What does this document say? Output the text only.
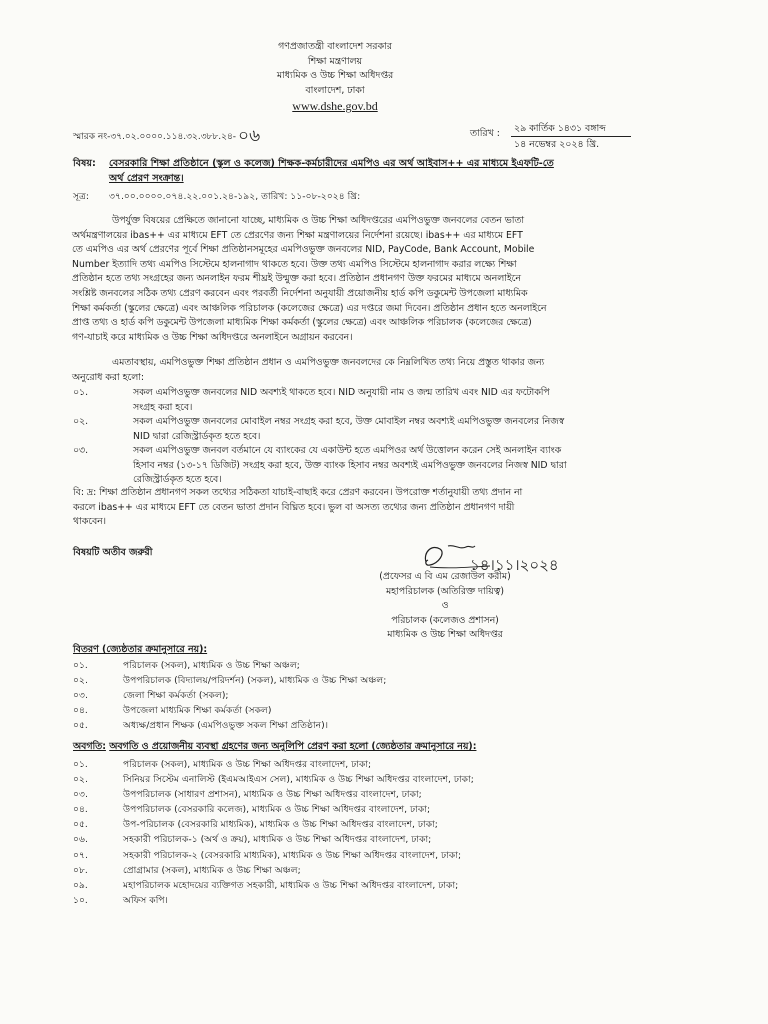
গণপ্রজাতন্ত্রী বাংলাদেশ সরকার
শিক্ষা মন্ত্রণালয়
মাধ্যমিক ও উচ্চ শিক্ষা অধিদপ্তর
বাংলাদেশ, ঢাকা
www.dshe.gov.bd
স্মারক নং-৩৭.০২.০০০০.১১৪.৩২.৩৮৮.২৪- ০৬	তারিখ :	২৯ কার্তিক ১৪৩১ বঙ্গাব্দ
১৪ নভেম্বর ২০২৪ খ্রি.
বিষয়: বেসরকারি শিক্ষা প্রতিষ্ঠানে (স্কুল ও কলেজ) শিক্ষক-কর্মচারীদের এমপিও এর অর্থ আইবাস++ এর মাধ্যমে ইএফটি-তে
অর্থ প্রেরণ সংক্রান্ত।
সূত্র: ৩৭.০০.০০০০.০৭৪.২২.০০১.২৪-১৯২, তারিখ: ১১-০৮-২০২৪ খ্রি:
উপর্যুক্ত বিষয়ের প্রেক্ষিতে জানানো যাচ্ছে, মাধ্যমিক ও উচ্চ শিক্ষা অধিদপ্তরের এমপিওভুক্ত জনবলের বেতন ভাতা
অর্থমন্ত্রণালয়ের ibas++ এর মাধ্যমে EFT তে প্রেরণের জন্য শিক্ষা মন্ত্রণালয়ের নির্দেশনা রয়েছে। ibas++ এর মাধ্যমে EFT
তে এমপিও এর অর্থ প্রেরণের পূর্বে শিক্ষা প্রতিষ্ঠানসমূহের এমপিওভুক্ত জনবলের NID, PayCode, Bank Account, Mobile
Number ইত্যাদি তথ্য এমপিও সিস্টেমে হালনাগাদ থাকতে হবে। উক্ত তথ্য এমপিও সিস্টেমে হালনাগাদ করার লক্ষ্যে শিক্ষা
প্রতিষ্ঠান হতে তথ্য সংগ্রহের জন্য অনলাইন ফরম শীঘ্রই উন্মুক্ত করা হবে। প্রতিষ্ঠান প্রধানগণ উক্ত ফরমের মাধ্যমে অনলাইনে
সংশ্লিষ্ট জনবলের সঠিক তথ্য প্রেরণ করবেন এবং পরবর্তী নির্দেশনা অনুযায়ী প্রয়োজনীয় হার্ড কপি ডকুমেন্ট উপজেলা মাধ্যমিক
শিক্ষা কর্মকর্তা (স্কুলের ক্ষেত্রে) এবং আঞ্চলিক পরিচালক (কলেজের ক্ষেত্রে) এর দপ্তরে জমা দিবেন। প্রতিষ্ঠান প্রধান হতে অনলাইনে
প্রাপ্ত তথ্য ও হার্ড কপি ডকুমেন্ট উপজেলা মাধ্যমিক শিক্ষা কর্মকর্তা (স্কুলের ক্ষেত্রে) এবং আঞ্চলিক পরিচালক (কলেজের ক্ষেত্রে)
গণ-যাচাই করে মাধ্যমিক ও উচ্চ শিক্ষা অধিদপ্তরে অনলাইনে অগ্রায়ন করবেন।
এমতাবস্থায়, এমপিওভুক্ত শিক্ষা প্রতিষ্ঠান প্রধান ও এমপিওভুক্ত জনবলদের কে নিম্নলিখিত তথ্য নিয়ে প্রস্তুত থাকার জন্য
অনুরোধ করা হলো:
০১.	সকল এমপিওভুক্ত জনবলের NID অবশ্যই থাকতে হবে। NID অনুযায়ী নাম ও জন্ম তারিখ এবং NID এর ফটোকপি
সংগ্রহ করা হবে।
০২.	সকল এমপিওভুক্ত জনবলের মোবাইল নম্বর সংগ্রহ করা হবে, উক্ত মোবাইল নম্বর অবশ্যই এমপিওভুক্ত জনবলের নিজস্ব
NID দ্বারা রেজিস্ট্রার্ডকৃত হতে হবে।
০৩.	সকল এমপিওভুক্ত জনবল বর্তমানে যে ব্যাংকের যে একাউন্ট হতে এমপিওর অর্থ উত্তোলন করেন সেই অনলাইন ব্যাংক
হিসাব নম্বর (১৩-১৭ ডিজিট) সংগ্রহ করা হবে, উক্ত ব্যাংক হিসাব নম্বর অবশ্যই এমপিওভুক্ত জনবলের নিজস্ব NID দ্বারা
রেজিস্ট্রার্ডকৃত হতে হবে।
বি: দ্র: শিক্ষা প্রতিষ্ঠান প্রধানগণ সকল তথ্যের সঠিকতা যাচাই-বাছাই করে প্রেরণ করবেন। উপরোক্ত শর্তানুযায়ী তথ্য প্রদান না
করলে ibas++ এর মাধ্যমে EFT তে বেতন ভাতা প্রদান বিঘ্নিত হবে। ভুল বা অসত্য তথ্যের জন্য প্রতিষ্ঠান প্রধানগণ দায়ী
থাকবেন।
বিষয়টি অতীব জরুরী
১৪।১১।২০২৪
(প্রফেসর এ বি এম রেজাউল করীম)
মহাপরিচালক (অতিরিক্ত দায়িত্ব)
ও
পরিচালক (কলেজও প্রশাসন)
মাধ্যমিক ও উচ্চ শিক্ষা অধিদপ্তর
বিতরণ (জ্যেষ্ঠতার ক্রমানুসারে নয়):
০১.	পরিচালক (সকল), মাধ্যমিক ও উচ্চ শিক্ষা অঞ্চল;
০২.	উপপরিচালক (বিদ্যালয়/পরিদর্শন) (সকল), মাধ্যমিক ও উচ্চ শিক্ষা অঞ্চল;
০৩.	জেলা শিক্ষা কর্মকর্তা (সকল);
০৪.	উপজেলা মাধ্যমিক শিক্ষা কর্মকর্তা (সকল)
০৫.	অধ্যক্ষ/প্রধান শিক্ষক (এমপিওভুক্ত সকল শিক্ষা প্রতিষ্ঠান)।
অবগতি: অবগতি ও প্রয়োজনীয় ব্যবস্থা গ্রহণের জন্য অনুলিপি প্রেরণ করা হলো (জ্যেষ্ঠতার ক্রমানুসারে নয়):
০১.	পরিচালক (সকল), মাধ্যমিক ও উচ্চ শিক্ষা অধিদপ্তর বাংলাদেশ, ঢাকা;
০২.	সিনিয়র সিস্টেম এনালিস্ট (ইএমআইএস সেল), মাধ্যমিক ও উচ্চ শিক্ষা অধিদপ্তর বাংলাদেশ, ঢাকা;
০৩.	উপপরিচালক (সাধারণ প্রশাসন), মাধ্যমিক ও উচ্চ শিক্ষা অধিদপ্তর বাংলাদেশ, ঢাকা;
০৪.	উপপরিচালক (বেসরকারি কলেজ), মাধ্যমিক ও উচ্চ শিক্ষা অধিদপ্তর বাংলাদেশ, ঢাকা;
০৫.	উপ-পরিচালক (বেসরকারি মাধ্যমিক), মাধ্যমিক ও উচ্চ শিক্ষা অধিদপ্তর বাংলাদেশ, ঢাকা;
০৬.	সহকারী পরিচালক-১ (অর্থ ও ক্রয়), মাধ্যমিক ও উচ্চ শিক্ষা অধিদপ্তর বাংলাদেশ, ঢাকা;
০৭.	সহকারী পরিচালক-২ (বেসরকারি মাধ্যমিক), মাধ্যমিক ও উচ্চ শিক্ষা অধিদপ্তর বাংলাদেশ, ঢাকা;
০৮.	প্রোগ্রামার (সকল), মাধ্যমিক ও উচ্চ শিক্ষা অঞ্চল;
০৯.	মহাপরিচালক মহোদয়ের ব্যক্তিগত সহকারী, মাধ্যমিক ও উচ্চ শিক্ষা অধিদপ্তর বাংলাদেশ, ঢাকা;
১০.	অফিস কপি।
